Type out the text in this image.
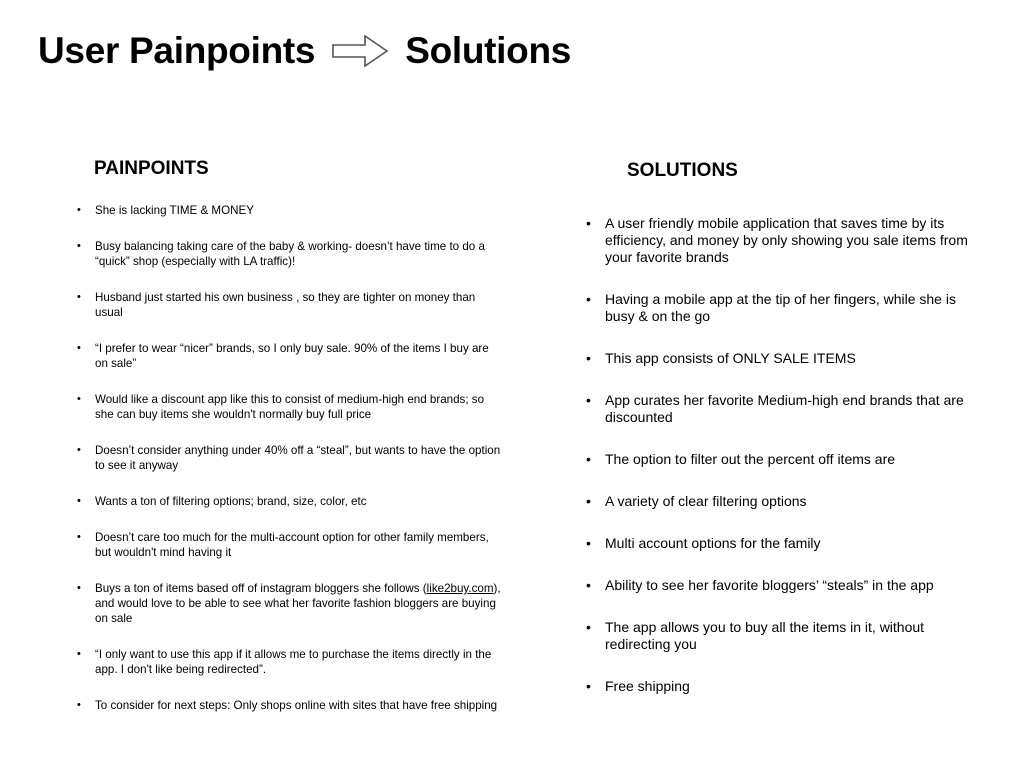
User Painpoints Solutions
PAINPOINTS
• She is lacking TIME & MONEY
• Busy balancing taking care of the baby & working- doesn’t have time to do a “quick” shop (especially with LA traffic)!
• Husband just started his own business , so they are tighter on money than usual
• “I prefer to wear “nicer” brands, so I only buy sale. 90% of the items I buy are on sale”
• Would like a discount app like this to consist of medium-high end brands; so she can buy items she wouldn't normally buy full price
• Doesn’t consider anything under 40% off a “steal”, but wants to have the option to see it anyway
• Wants a ton of filtering options; brand, size, color, etc
• Doesn’t care too much for the multi-account option for other family members, but wouldn't mind having it
• Buys a ton of items based off of instagram bloggers she follows (like2buy.com), and would love to be able to see what her favorite fashion bloggers are buying on sale
• “I only want to use this app if it allows me to purchase the items directly in the app. I don't like being redirected”.
• To consider for next steps: Only shops online with sites that have free shipping
SOLUTIONS
• A user friendly mobile application that saves time by its efficiency, and money by only showing you sale items from your favorite brands
• Having a mobile app at the tip of her fingers, while she is busy & on the go
• This app consists of ONLY SALE ITEMS
• App curates her favorite Medium-high end brands that are discounted
• The option to filter out the percent off items are
• A variety of clear filtering options
• Multi account options for the family
• Ability to see her favorite bloggers’ “steals” in the app
• The app allows you to buy all the items in it, without redirecting you
• Free shipping
